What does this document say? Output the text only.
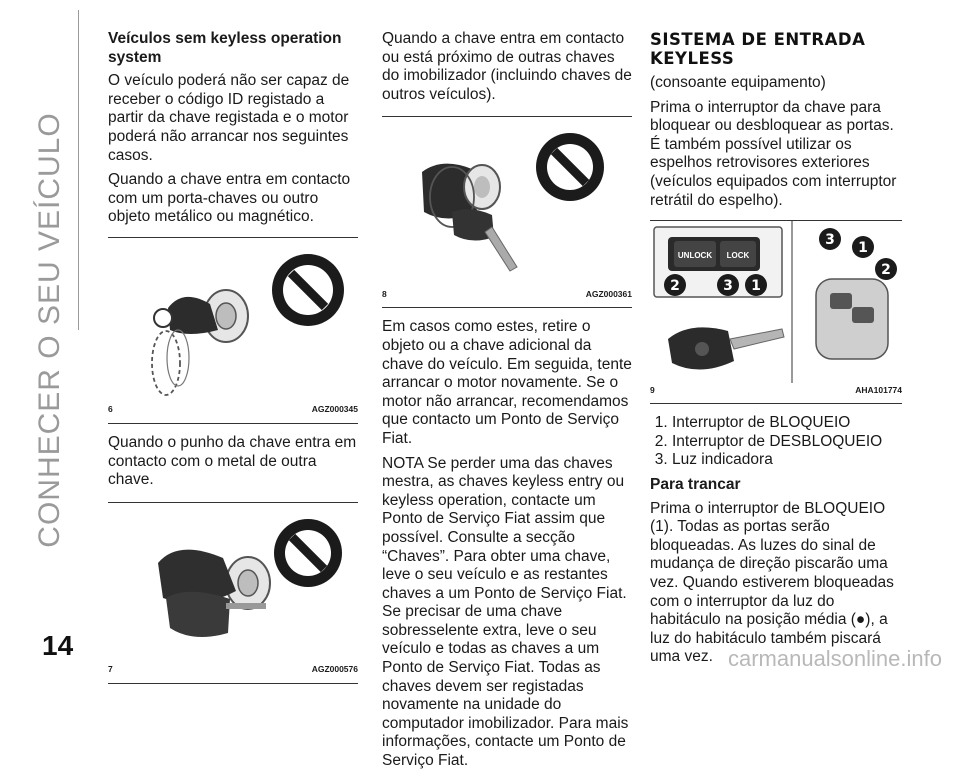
CONHECER O SEU VEÍCULO
14
Veículos sem keyless operation system

O veículo poderá não ser capaz de receber o código ID registado a partir da chave registada e o motor poderá não arrancar nos seguintes casos.

Quando a chave entra em contacto com um porta-chaves ou outro objeto metálico ou magnético.

6	AGZ000345

Quando o punho da chave entra em contacto com o metal de outra chave.

7	AGZ000576

Quando a chave entra em contacto ou está próximo de outras chaves do imobilizador (incluindo chaves de outros veículos).

8	AGZ000361

Em casos como estes, retire o objeto ou a chave adicional da chave do veículo. Em seguida, tente arrancar o motor novamente. Se o motor não arrancar, recomendamos que contacto um Ponto de Serviço Fiat.

NOTA Se perder uma das chaves mestra, as chaves keyless entry ou keyless operation, contacte um Ponto de Serviço Fiat assim que possível. Consulte a secção “Chaves”. Para obter uma chave, leve o seu veículo e as restantes chaves a um Ponto de Serviço Fiat. Se precisar de uma chave sobresselente extra, leve o seu veículo e todas as chaves a um Ponto de Serviço Fiat. Todas as chaves devem ser registadas novamente na unidade do computador imobilizador. Para mais informações, contacte um Ponto de Serviço Fiat.

SISTEMA DE ENTRADA KEYLESS

(consoante equipamento)

Prima o interruptor da chave para bloquear ou desbloquear as portas. É também possível utilizar os espelhos retrovisores exteriores (veículos equipados com interruptor retrátil do espelho).

UNLOCK LOCK
2	3 1
3 1
2
9	AHA101774
1. Interruptor de BLOQUEIO
2. Interruptor de DESBLOQUEIO
3. Luz indicadora
Para trancar

Prima o interruptor de BLOQUEIO (1). Todas as portas serão bloqueadas. As luzes do sinal de mudança de direção piscarão uma vez. Quando estiverem bloqueadas com o interruptor da luz do habitáculo na posição média (●), a luz do habitáculo também piscará uma vez. carmanualsonline.info
